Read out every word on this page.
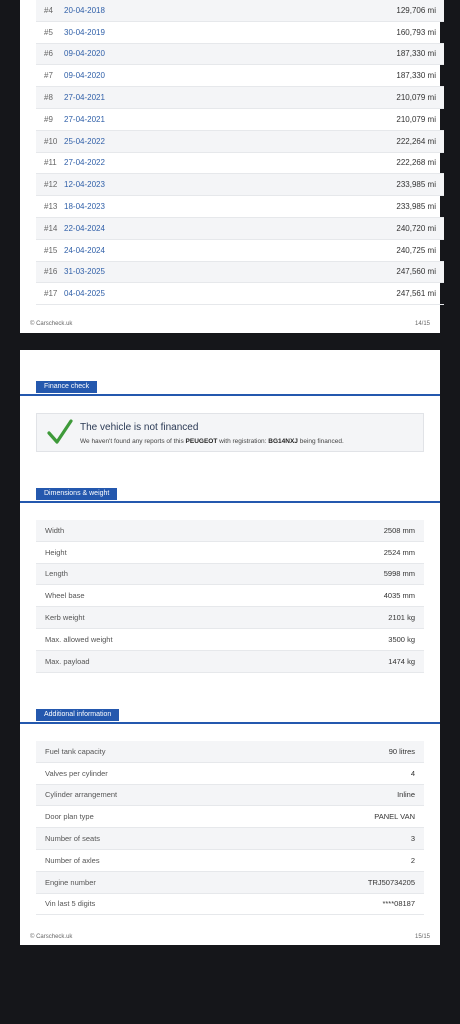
#4	20-04-2018	129,706 mi
#5	30-04-2019	160,793 mi
#6	09-04-2020	187,330 mi
#7	09-04-2020	187,330 mi
#8	27-04-2021	210,079 mi
#9	27-04-2021	210,079 mi
#10 25-04-2022	222,264 mi
#11 27-04-2022	222,268 mi
#12 12-04-2023	233,985 mi
#13 18-04-2023	233,985 mi
#14 22-04-2024	240,720 mi
#15 24-04-2024	240,725 mi
#16 31-03-2025	247,560 mi
#17 04-04-2025	247,561 mi
© Carscheck.uk	14/15
Finance check
The vehicle is not financed
We haven't found any reports of this PEUGEOT with registration: BG14NXJ being financed.
Dimensions & weight
Width	2508 mm
Height	2524 mm
Length	5998 mm
Wheel base	4035 mm
Kerb weight	2101 kg
Max. allowed weight	3500 kg
Max. payload	1474 kg
Additional information
Fuel tank capacity	90 litres
Valves per cylinder	4
Cylinder arrangement	Inline
Door plan type	PANEL VAN
Number of seats	3
Number of axles	2
Engine number	TRJ50734205
Vin last 5 digits	****08187
© Carscheck.uk	15/15
